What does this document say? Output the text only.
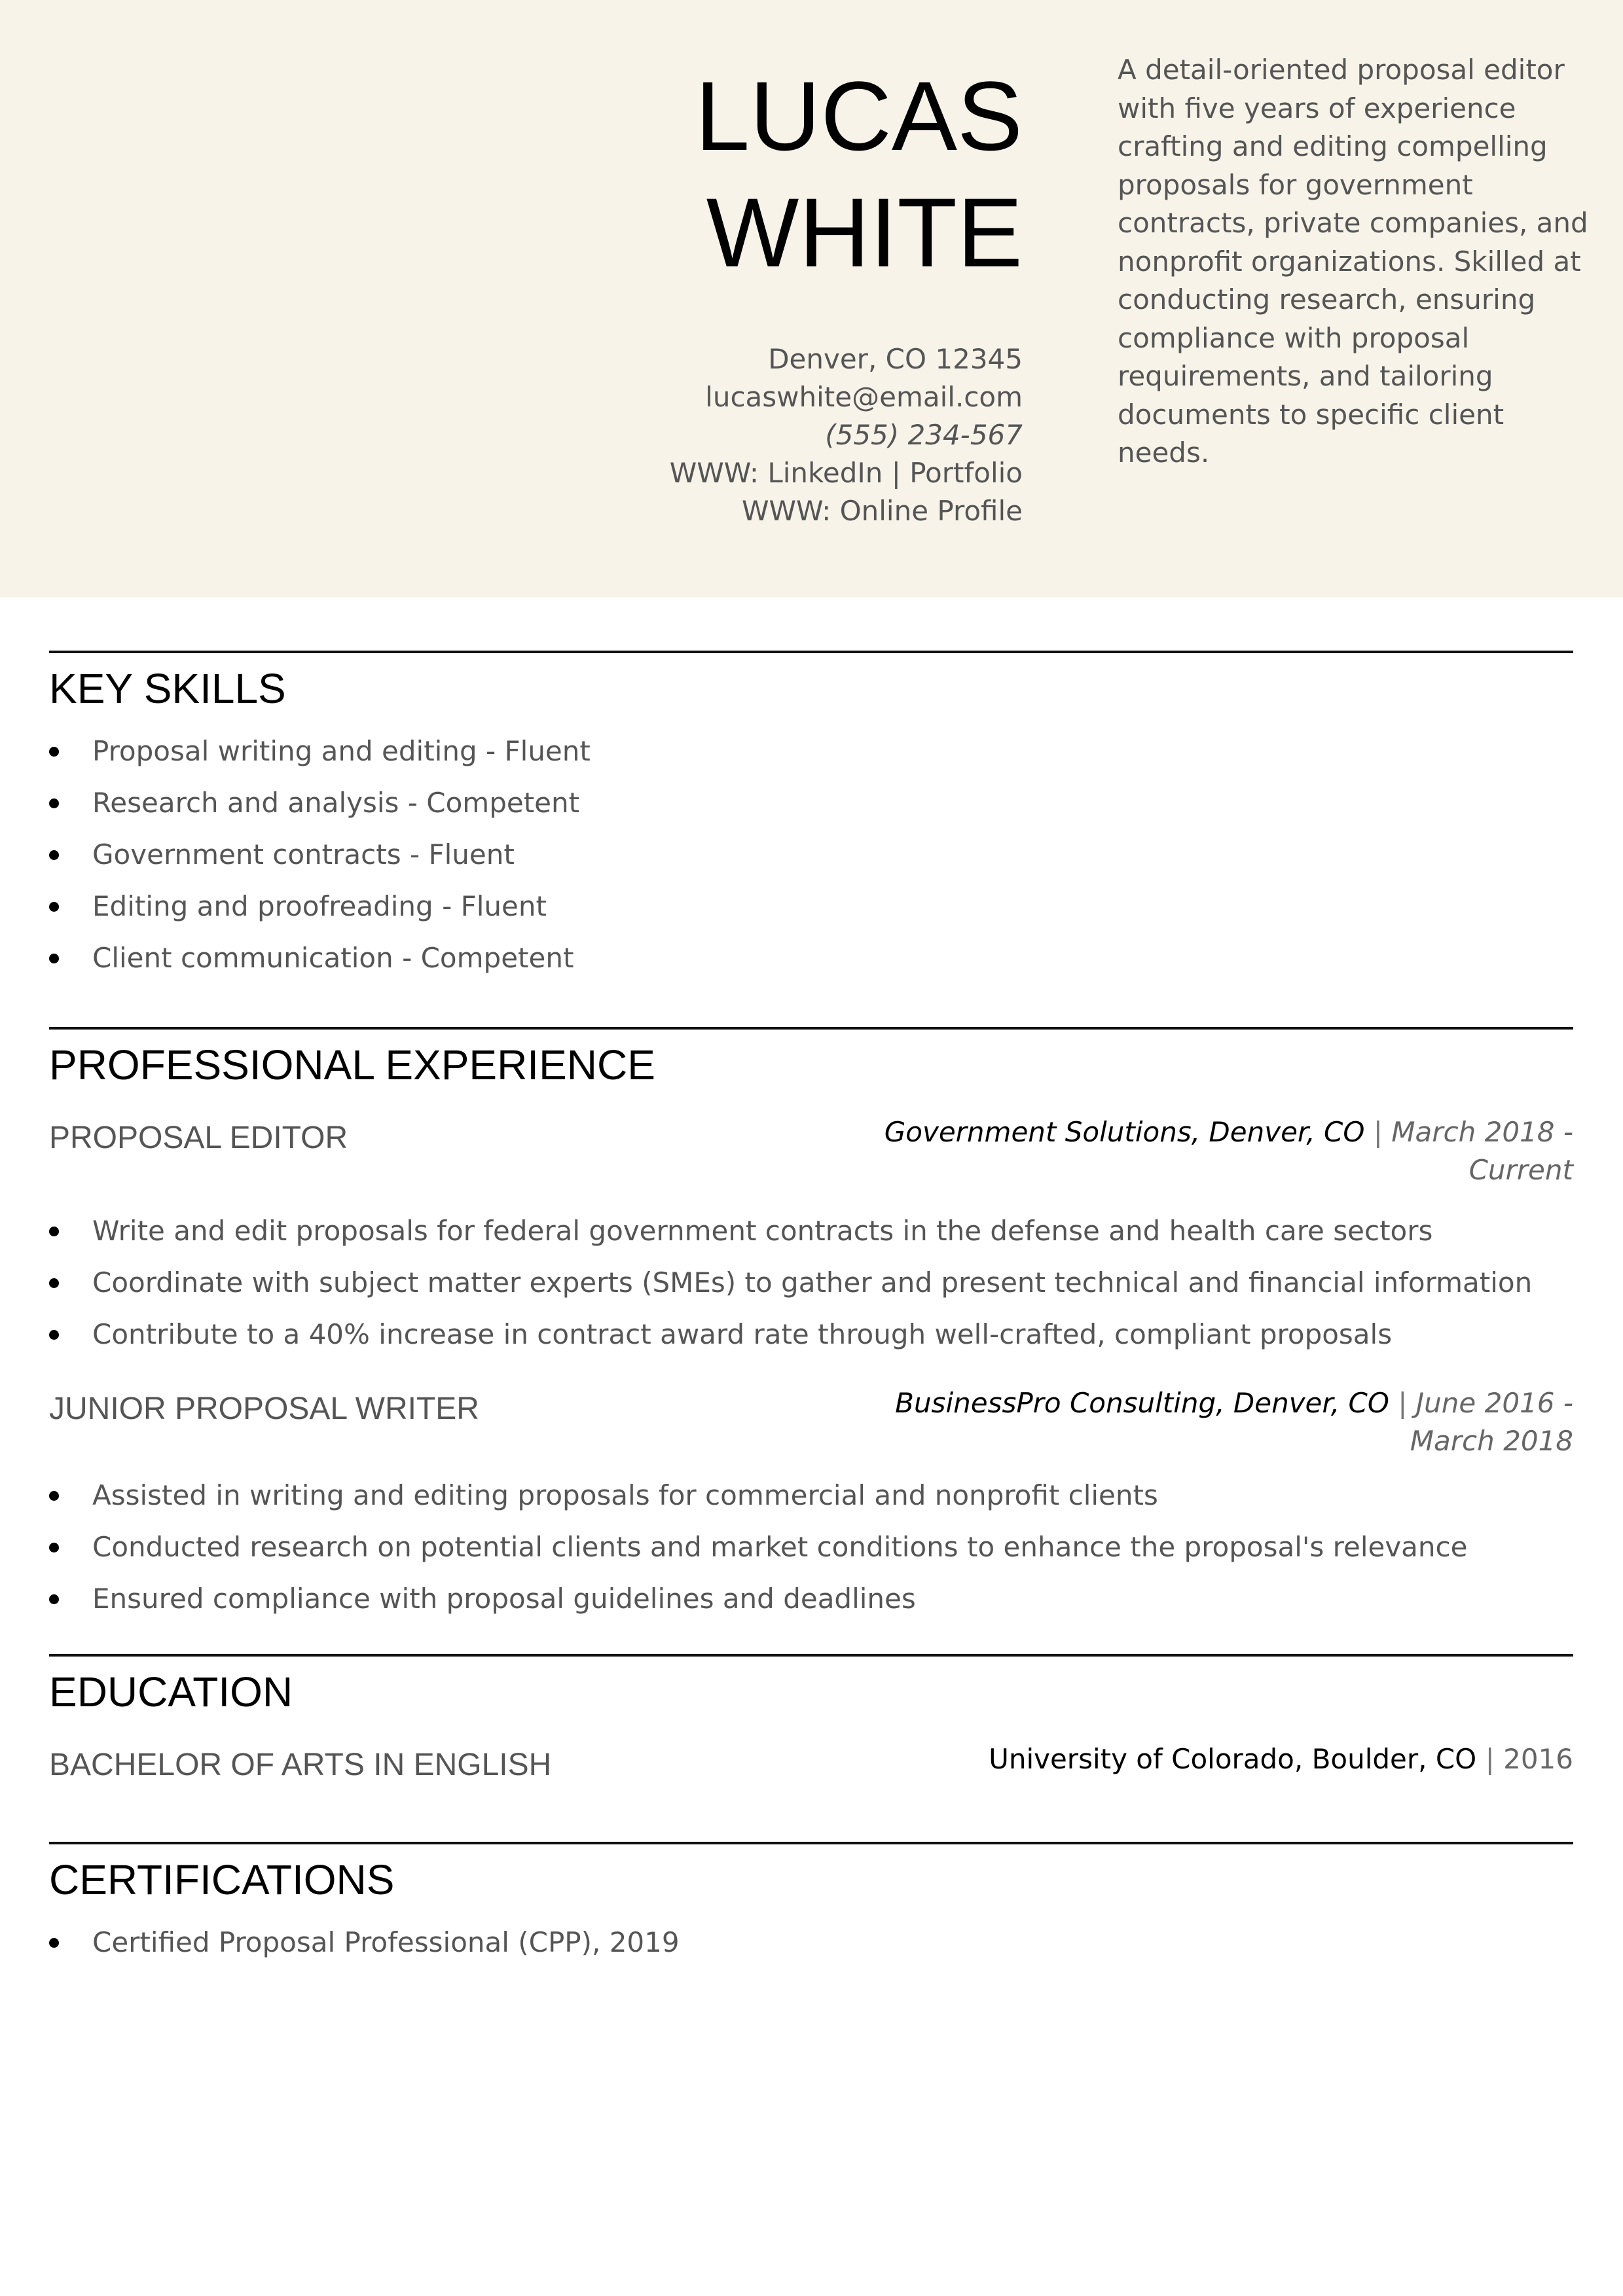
LUCAS
WHITE
Denver, CO 12345
lucaswhite@email.com
(555) 234-567
WWW: LinkedIn | Portfolio
WWW: Online Profile
A detail-oriented proposal editor with five years of experience crafting and editing compelling proposals for government contracts, private companies, and nonprofit organizations. Skilled at conducting research, ensuring compliance with proposal requirements, and tailoring documents to specific client needs.
KEY SKILLS
Proposal writing and editing - Fluent
Research and analysis - Competent
Government contracts - Fluent
Editing and proofreading - Fluent
Client communication - Competent
PROFESSIONAL EXPERIENCE
PROPOSAL EDITOR	Government Solutions, Denver, CO | March 2018 - Current
Write and edit proposals for federal government contracts in the defense and health care sectors
Coordinate with subject matter experts (SMEs) to gather and present technical and financial information
Contribute to a 40% increase in contract award rate through well-crafted, compliant proposals
JUNIOR PROPOSAL WRITER	BusinessPro Consulting, Denver, CO | June 2016 - March 2018
Assisted in writing and editing proposals for commercial and nonprofit clients
Conducted research on potential clients and market conditions to enhance the proposal's relevance
Ensured compliance with proposal guidelines and deadlines
EDUCATION
BACHELOR OF ARTS IN ENGLISH	University of Colorado, Boulder, CO | 2016
CERTIFICATIONS
Certified Proposal Professional (CPP), 2019
